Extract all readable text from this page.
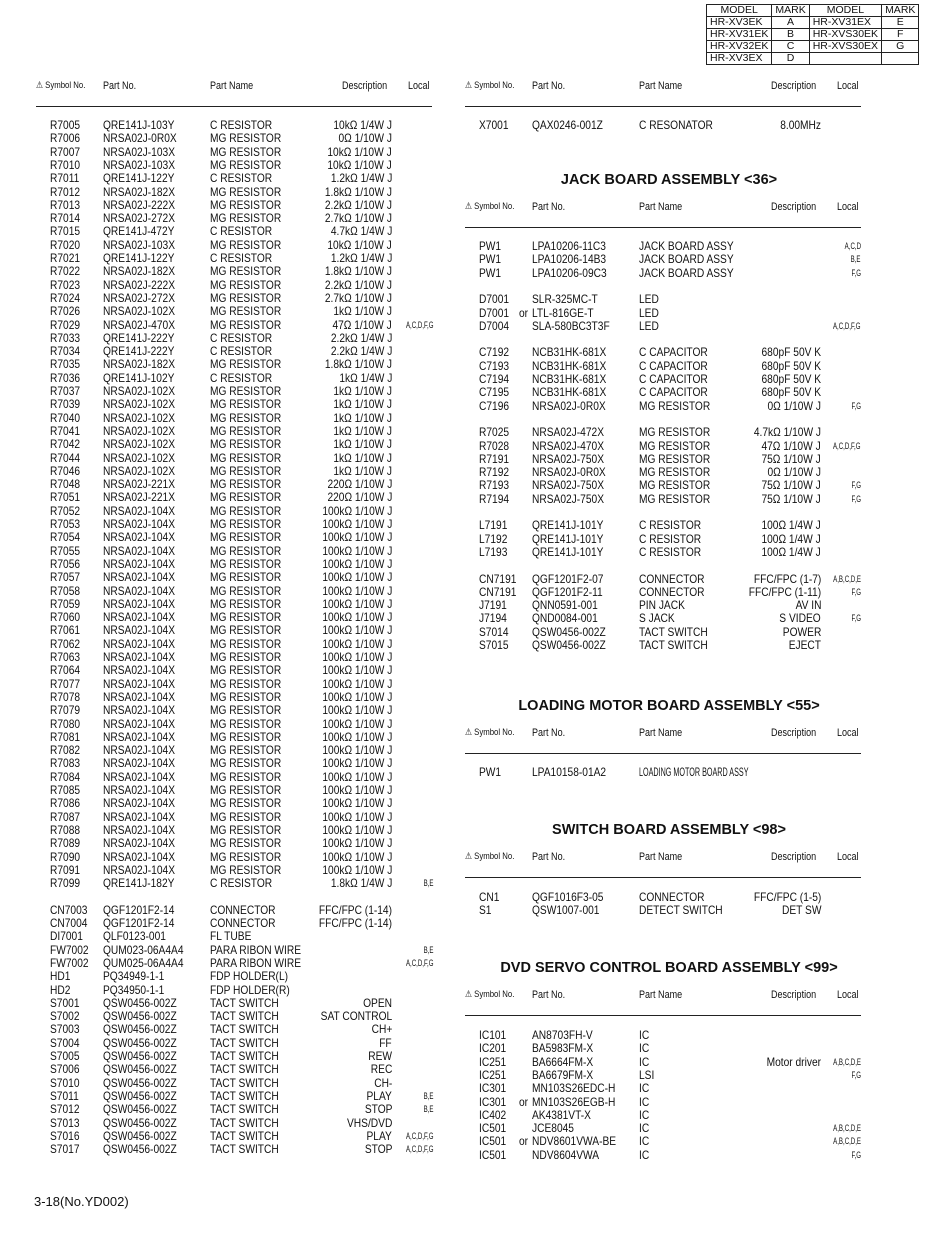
MODEL	MARK	MODEL	MARK
HR-XV3EK	A	HR-XV31EX	E
HR-XV31EK	B	HR-XVS30EK	F
HR-XV32EK	C	HR-XVS30EX	G
HR-XV3EX	D		
⚠ Symbol No. Part No.	Part Name	Description Local
R7005 QRE141J-103Y	C RESISTOR	10kΩ 1/4W J
R7006 NRSA02J-0R0X	MG RESISTOR	0Ω 1/10W J
R7007 NRSA02J-103X	MG RESISTOR	10kΩ 1/10W J
R7010 NRSA02J-103X	MG RESISTOR	10kΩ 1/10W J
R7011 QRE141J-122Y	C RESISTOR	1.2kΩ 1/4W J
R7012 NRSA02J-182X	MG RESISTOR	1.8kΩ 1/10W J
R7013 NRSA02J-222X	MG RESISTOR	2.2kΩ 1/10W J
R7014 NRSA02J-272X	MG RESISTOR	2.7kΩ 1/10W J
R7015 QRE141J-472Y	C RESISTOR	4.7kΩ 1/4W J
R7020 NRSA02J-103X	MG RESISTOR	10kΩ 1/10W J
R7021 QRE141J-122Y	C RESISTOR	1.2kΩ 1/4W J
R7022 NRSA02J-182X	MG RESISTOR	1.8kΩ 1/10W J
R7023 NRSA02J-222X	MG RESISTOR	2.2kΩ 1/10W J
R7024 NRSA02J-272X	MG RESISTOR	2.7kΩ 1/10W J
R7026 NRSA02J-102X	MG RESISTOR	1kΩ 1/10W J
R7029 NRSA02J-470X	MG RESISTOR	47Ω 1/10W J A,C,D,F,G
R7033 QRE141J-222Y	C RESISTOR	2.2kΩ 1/4W J
R7034 QRE141J-222Y	C RESISTOR	2.2kΩ 1/4W J
R7035 NRSA02J-182X	MG RESISTOR	1.8kΩ 1/10W J
R7036 QRE141J-102Y	C RESISTOR	1kΩ 1/4W J
R7037 NRSA02J-102X	MG RESISTOR	1kΩ 1/10W J
R7039 NRSA02J-102X	MG RESISTOR	1kΩ 1/10W J
R7040 NRSA02J-102X	MG RESISTOR	1kΩ 1/10W J
R7041 NRSA02J-102X	MG RESISTOR	1kΩ 1/10W J
R7042 NRSA02J-102X	MG RESISTOR	1kΩ 1/10W J
R7044 NRSA02J-102X	MG RESISTOR	1kΩ 1/10W J
R7046 NRSA02J-102X	MG RESISTOR	1kΩ 1/10W J
R7048 NRSA02J-221X	MG RESISTOR	220Ω 1/10W J
R7051 NRSA02J-221X	MG RESISTOR	220Ω 1/10W J
R7052 NRSA02J-104X	MG RESISTOR	100kΩ 1/10W J
R7053 NRSA02J-104X	MG RESISTOR	100kΩ 1/10W J
R7054 NRSA02J-104X	MG RESISTOR	100kΩ 1/10W J
R7055 NRSA02J-104X	MG RESISTOR	100kΩ 1/10W J
R7056 NRSA02J-104X	MG RESISTOR	100kΩ 1/10W J
R7057 NRSA02J-104X	MG RESISTOR	100kΩ 1/10W J
R7058 NRSA02J-104X	MG RESISTOR	100kΩ 1/10W J
R7059 NRSA02J-104X	MG RESISTOR	100kΩ 1/10W J
R7060 NRSA02J-104X	MG RESISTOR	100kΩ 1/10W J
R7061 NRSA02J-104X	MG RESISTOR	100kΩ 1/10W J
R7062 NRSA02J-104X	MG RESISTOR	100kΩ 1/10W J
R7063 NRSA02J-104X	MG RESISTOR	100kΩ 1/10W J
R7064 NRSA02J-104X	MG RESISTOR	100kΩ 1/10W J
R7077 NRSA02J-104X	MG RESISTOR	100kΩ 1/10W J
R7078 NRSA02J-104X	MG RESISTOR	100kΩ 1/10W J
R7079 NRSA02J-104X	MG RESISTOR	100kΩ 1/10W J
R7080 NRSA02J-104X	MG RESISTOR	100kΩ 1/10W J
R7081 NRSA02J-104X	MG RESISTOR	100kΩ 1/10W J
R7082 NRSA02J-104X	MG RESISTOR	100kΩ 1/10W J
R7083 NRSA02J-104X	MG RESISTOR	100kΩ 1/10W J
R7084 NRSA02J-104X	MG RESISTOR	100kΩ 1/10W J
R7085 NRSA02J-104X	MG RESISTOR	100kΩ 1/10W J
R7086 NRSA02J-104X	MG RESISTOR	100kΩ 1/10W J
R7087 NRSA02J-104X	MG RESISTOR	100kΩ 1/10W J
R7088 NRSA02J-104X	MG RESISTOR	100kΩ 1/10W J
R7089 NRSA02J-104X	MG RESISTOR	100kΩ 1/10W J
R7090 NRSA02J-104X	MG RESISTOR	100kΩ 1/10W J
R7091 NRSA02J-104X	MG RESISTOR	100kΩ 1/10W J
R7099 QRE141J-182Y	C RESISTOR	1.8kΩ 1/4W J	B,E
CN7003 QGF1201F2-14	CONNECTOR	FFC/FPC (1-14)
CN7004 QGF1201F2-14	CONNECTOR	FFC/FPC (1-14)
DI7001 QLF0123-001	FL TUBE
FW7002 QUM023-06A4A4 PARA RIBON WIRE	B,E
FW7002 QUM025-06A4A4 PARA RIBON WIRE	A,C,D,F,G
HD1	PQ34949-1-1	FDP HOLDER(L)
HD2	PQ34950-1-1	FDP HOLDER(R)
S7001 QSW0456-002Z	TACT SWITCH	OPEN
S7002 QSW0456-002Z	TACT SWITCH	SAT CONTROL
S7003 QSW0456-002Z	TACT SWITCH	CH+
S7004 QSW0456-002Z	TACT SWITCH	FF
S7005 QSW0456-002Z	TACT SWITCH	REW
S7006 QSW0456-002Z	TACT SWITCH	REC
S7010 QSW0456-002Z	TACT SWITCH	CH-
S7011 QSW0456-002Z	TACT SWITCH	PLAY	B,E
S7012 QSW0456-002Z	TACT SWITCH	STOP	B,E
S7013 QSW0456-002Z	TACT SWITCH	VHS/DVD
S7016 QSW0456-002Z	TACT SWITCH	PLAY A,C,D,F,G
S7017 QSW0456-002Z	TACT SWITCH	STOP A,C,D,F,G
⚠ Symbol No. Part No.	Part Name	Description Local
X7001 QAX0246-001Z	C RESONATOR	8.00MHz
JACK BOARD ASSEMBLY <36>
⚠ Symbol No. Part No.	Part Name	Description Local
PW1	LPA10206-11C3	JACK BOARD ASSY	A,C,D
PW1	LPA10206-14B3	JACK BOARD ASSY	B,E
PW1	LPA10206-09C3	JACK BOARD ASSY	F,G
D7001 SLR-325MC-T	LED
D7001 or LTL-816GE-T	LED
D7004 SLA-580BC3T3F LED	A,C,D,F,G
C7192 NCB31HK-681X	C CAPACITOR	680pF 50V K
C7193 NCB31HK-681X	C CAPACITOR	680pF 50V K
C7194 NCB31HK-681X	C CAPACITOR	680pF 50V K
C7195 NCB31HK-681X	C CAPACITOR	680pF 50V K
C7196 NRSA02J-0R0X	MG RESISTOR	0Ω 1/10W J	F,G
R7025 NRSA02J-472X	MG RESISTOR	4.7kΩ 1/10W J
R7028 NRSA02J-470X	MG RESISTOR	47Ω 1/10W J A,C,D,F,G
R7191 NRSA02J-750X	MG RESISTOR	75Ω 1/10W J
R7192 NRSA02J-0R0X	MG RESISTOR	0Ω 1/10W J
R7193 NRSA02J-750X	MG RESISTOR	75Ω 1/10W J	F,G
R7194 NRSA02J-750X	MG RESISTOR	75Ω 1/10W J	F,G
L7191 QRE141J-101Y	C RESISTOR	100Ω 1/4W J
L7192 QRE141J-101Y	C RESISTOR	100Ω 1/4W J
L7193 QRE141J-101Y	C RESISTOR	100Ω 1/4W J
CN7191 QGF1201F2-07	CONNECTOR	FFC/FPC (1-7) A,B,C,D,E
CN7191 QGF1201F2-11	CONNECTOR	FFC/FPC (1-11)	F,G
J7191 QNN0591-001	PIN JACK	AV IN
J7194 QND0084-001	S JACK	S VIDEO	F,G
S7014 QSW0456-002Z	TACT SWITCH	POWER
S7015 QSW0456-002Z	TACT SWITCH	EJECT
LOADING MOTOR BOARD ASSEMBLY <55>
⚠ Symbol No. Part No.	Part Name	Description Local
PW1	LPA10158-01A2	LOADING MOTOR BOARD ASSY
SWITCH BOARD ASSEMBLY <98>
⚠ Symbol No. Part No.	Part Name	Description Local
CN1	QGF1016F3-05	CONNECTOR	FFC/FPC (1-5)
S1	QSW1007-001	DETECT SWITCH	DET SW
DVD SERVO CONTROL BOARD ASSEMBLY <99>
⚠ Symbol No. Part No.	Part Name	Description Local
IC101 AN8703FH-V	IC
IC201 BA5983FM-X	IC
IC251 BA6664FM-X	IC	Motor driver A,B,C,D,E
IC251 BA6679FM-X	LSI	F,G
IC301 MN103S26EDC-H IC
IC301 or MN103S26EGB-H IC
IC402 AK4381VT-X	IC
IC501 JCE8045	IC	A,B,C,D,E
IC501 or NDV8601VWA-BE IC	A,B,C,D,E
IC501 NDV8604VWA	IC	F,G
3-18(No.YD002)
